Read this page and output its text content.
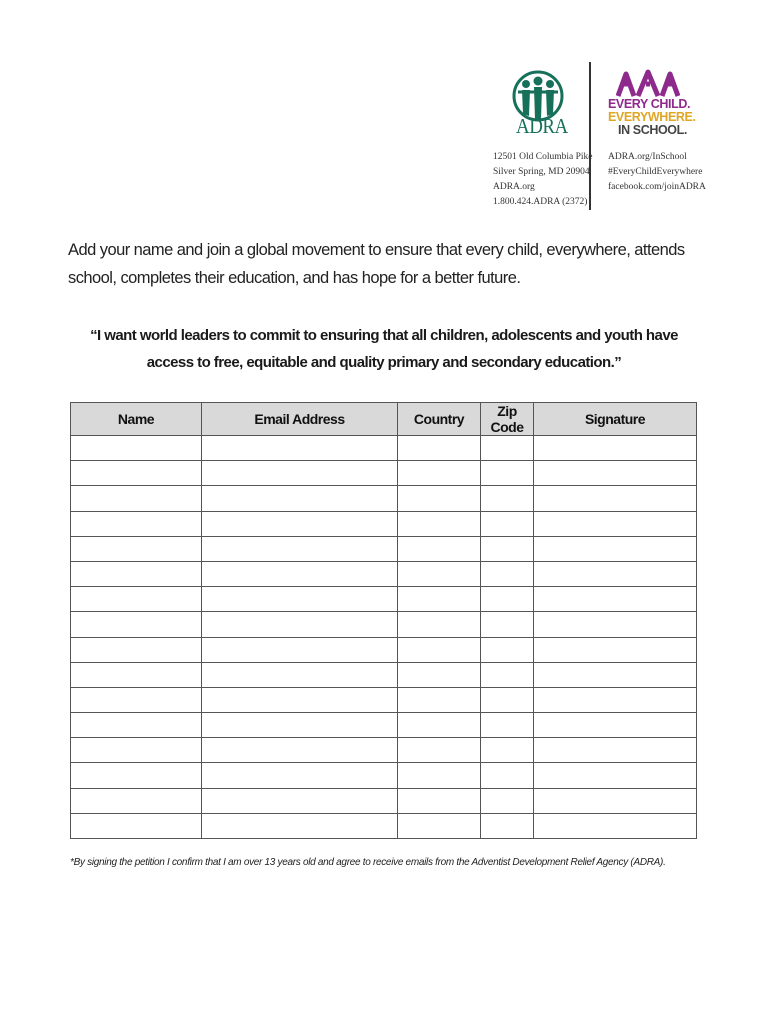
ADRA
EVERY CHILD.
EVERYWHERE.
IN SCHOOL.
12501 Old Columbia Pike
Silver Spring, MD 20904
ADRA.org
1.800.424.ADRA (2372)
ADRA.org/InSchool
#EveryChildEverywhere
facebook.com/joinADRA
Add your name and join a global movement to ensure that every child, everywhere, attends school, completes their education, and has hope for a better future.
“I want world leaders to commit to ensuring that all children, adolescents and youth have access to free, equitable and quality primary and secondary education.”
Name	Email Address	Country	Zip Code	Signature

*By signing the petition I confirm that I am over 13 years old and agree to receive emails from the Adventist Development Relief Agency (ADRA).
